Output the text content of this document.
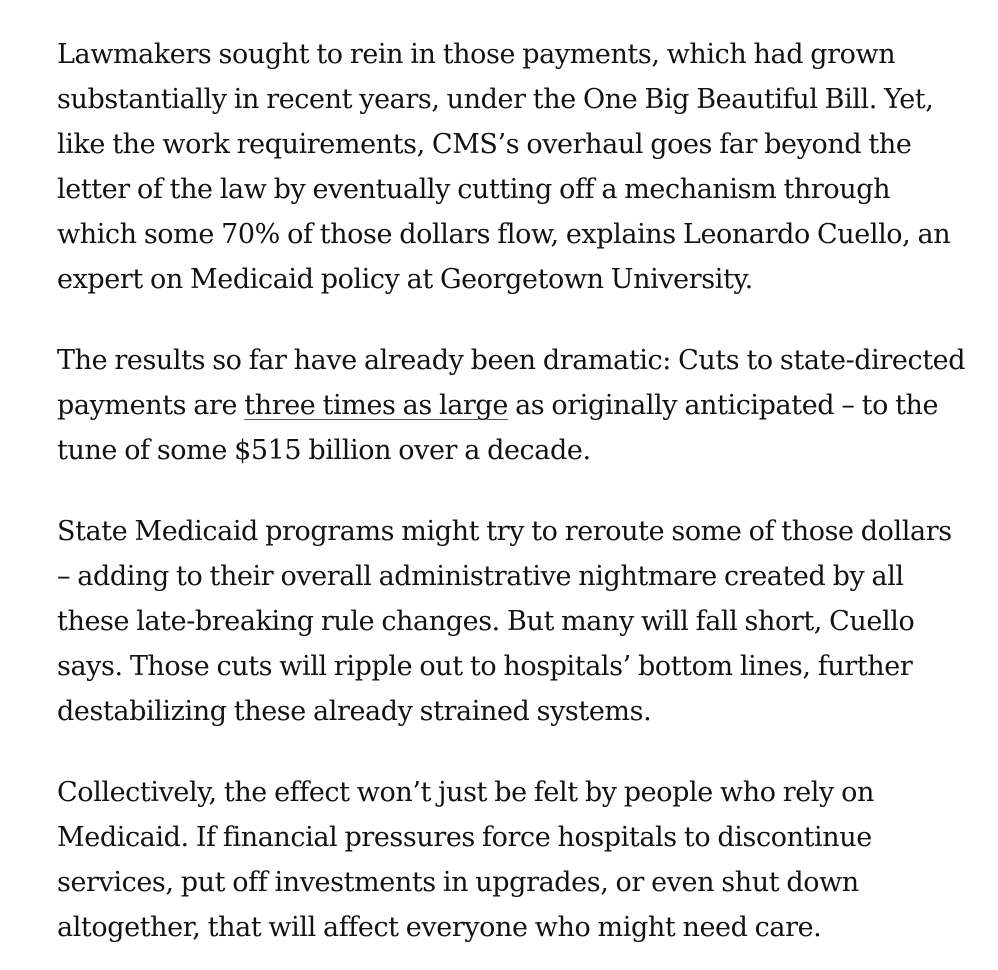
Lawmakers sought to rein in those payments, which had grown
substantially in recent years, under the One Big Beautiful Bill. Yet,
like the work requirements, CMS’s overhaul goes far beyond the
letter of the law by eventually cutting off a mechanism through
which some 70% of those dollars flow, explains Leonardo Cuello, an
expert on Medicaid policy at Georgetown University.

The results so far have already been dramatic: Cuts to state-directed
payments are three times as large as originally anticipated – to the
tune of some $515 billion over a decade.

State Medicaid programs might try to reroute some of those dollars
– adding to their overall administrative nightmare created by all
these late-breaking rule changes. But many will fall short, Cuello
says. Those cuts will ripple out to hospitals’ bottom lines, further
destabilizing these already strained systems.

Collectively, the effect won’t just be felt by people who rely on
Medicaid. If financial pressures force hospitals to discontinue
services, put off investments in upgrades, or even shut down
altogether, that will affect everyone who might need care.
